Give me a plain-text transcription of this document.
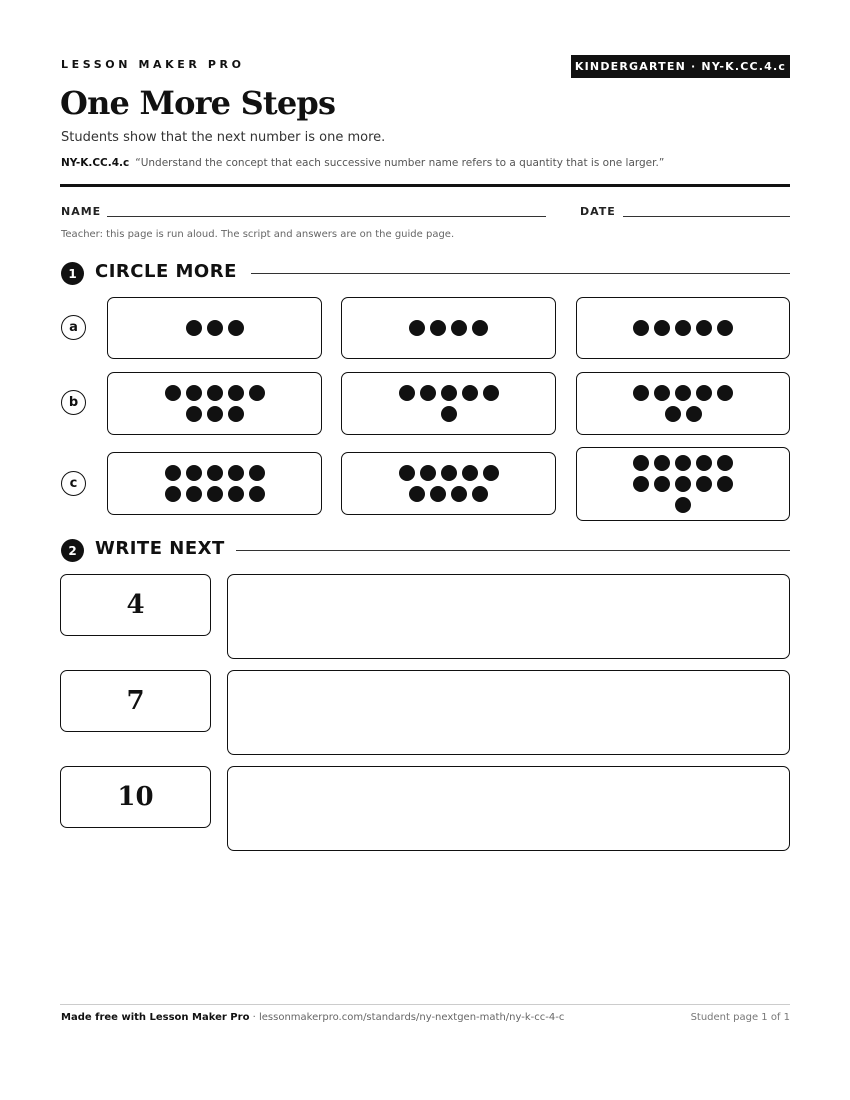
LESSON MAKER PRO	KINDERGARTEN · NY-K.CC.4.c
One More Steps
Students show that the next number is one more.
NY-K.CC.4.c “Understand the concept that each successive number name refers to a quantity that is one larger.”
NAME	DATE
Teacher: this page is run aloud. The script and answers are on the guide page.
1	CIRCLE MORE
a
b
c
2	WRITE NEXT
4
7
10
Made free with Lesson Maker Pro · lessonmakerpro.com/standards/ny-nextgen-math/ny-k-cc-4-c	Student page 1 of 1
